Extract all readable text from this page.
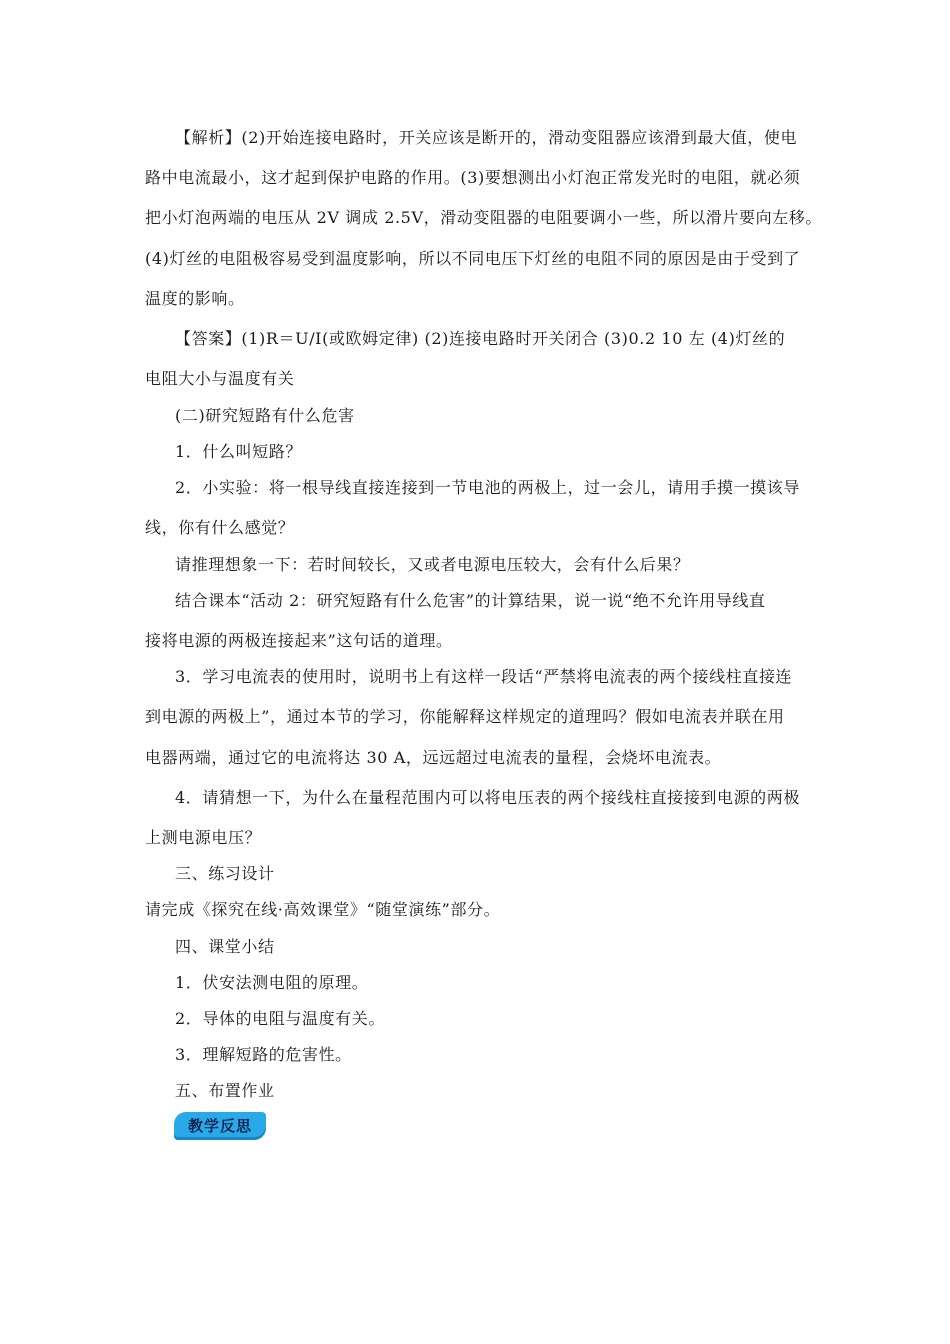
【解析】(2)开始连接电路时，开关应该是断开的，滑动变阻器应该滑到最大值，使电
路中电流最小，这才起到保护电路的作用。(3)要想测出小灯泡正常发光时的电阻，就必须
把小灯泡两端的电压从 2V 调成 2.5V，滑动变阻器的电阻要调小一些，所以滑片要向左移。
(4)灯丝的电阻极容易受到温度影响，所以不同电压下灯丝的电阻不同的原因是由于受到了
温度的影响。
【答案】(1)R＝U/I(或欧姆定律) (2)连接电路时开关闭合 (3)0.2 10 左 (4)灯丝的
电阻大小与温度有关
(二)研究短路有什么危害
1．什么叫短路？
2．小实验：将一根导线直接连接到一节电池的两极上，过一会儿，请用手摸一摸该导
线，你有什么感觉？
请推理想象一下：若时间较长，又或者电源电压较大，会有什么后果？
结合课本“活动 2：研究短路有什么危害”的计算结果，说一说“绝不允许用导线直
接将电源的两极连接起来”这句话的道理。
3．学习电流表的使用时，说明书上有这样一段话“严禁将电流表的两个接线柱直接连
到电源的两极上”，通过本节的学习，你能解释这样规定的道理吗？假如电流表并联在用
电器两端，通过它的电流将达 30 A，远远超过电流表的量程，会烧坏电流表。
4．请猜想一下，为什么在量程范围内可以将电压表的两个接线柱直接接到电源的两极
上测电源电压？
三、练习设计
请完成《探究在线·高效课堂》“随堂演练”部分。
四、课堂小结
1．伏安法测电阻的原理。
2．导体的电阻与温度有关。
3．理解短路的危害性。
五、布置作业
教学反思
